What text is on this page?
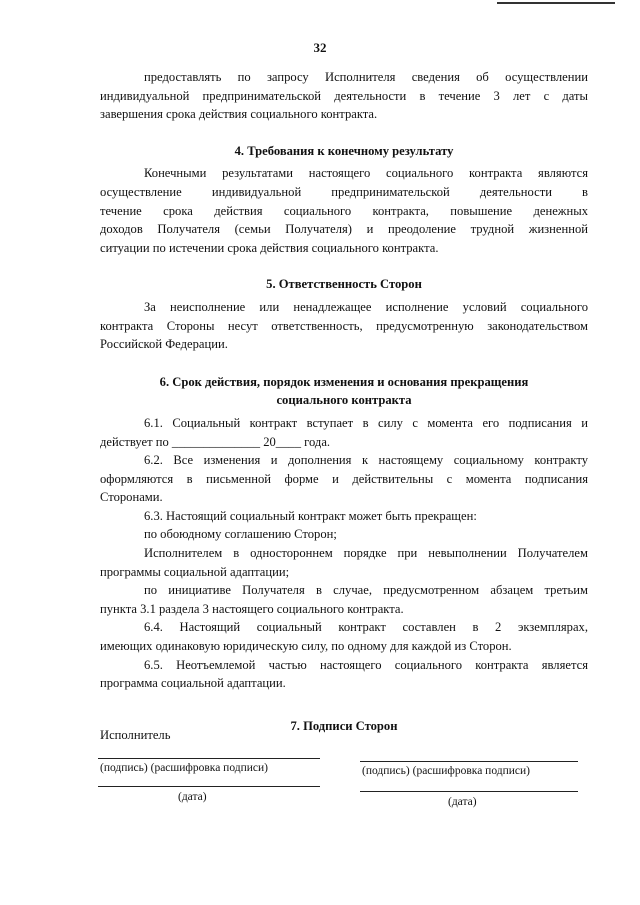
32

предоставлять по запросу Исполнителя сведения об осуществлении

индивидуальной предпринимательской деятельности в течение 3 лет с даты

завершения срока действия социального контракта.

4. Требования к конечному результату

Конечными результатами настоящего социального контракта являются

осуществление индивидуальной предпринимательской деятельности в

течение срока действия социального контракта, повышение денежных

доходов Получателя (семьи Получателя) и преодоление трудной жизненной

ситуации по истечении срока действия социального контракта.

5. Ответственность Сторон

За неисполнение или ненадлежащее исполнение условий социального

контракта Стороны несут ответственность, предусмотренную законодательством

Российской Федерации.

6. Срок действия, порядок изменения и основания прекращения

социального контракта

6.1. Социальный контракт вступает в силу с момента его подписания и

действует по ______________ 20____ года.

6.2. Все изменения и дополнения к настоящему социальному контракту

оформляются в письменной форме и действительны с момента подписания

Сторонами.

6.3. Настоящий социальный контракт может быть прекращен:

по обоюдному соглашению Сторон;

Исполнителем в одностороннем порядке при невыполнении Получателем

программы социальной адаптации;

по инициативе Получателя в случае, предусмотренном абзацем третьим

пункта 3.1 раздела 3 настоящего социального контракта.

6.4. Настоящий социальный контракт составлен в 2 экземплярах,

имеющих одинаковую юридическую силу, по одному для каждой из Сторон.

6.5. Неотъемлемой частью настоящего социального контракта является

программа социальной адаптации.

7. Подписи Сторон

Исполнитель
(подпись) (расшифровка подписи)
(дата)
(подпись) (расшифровка подписи)
(дата)
